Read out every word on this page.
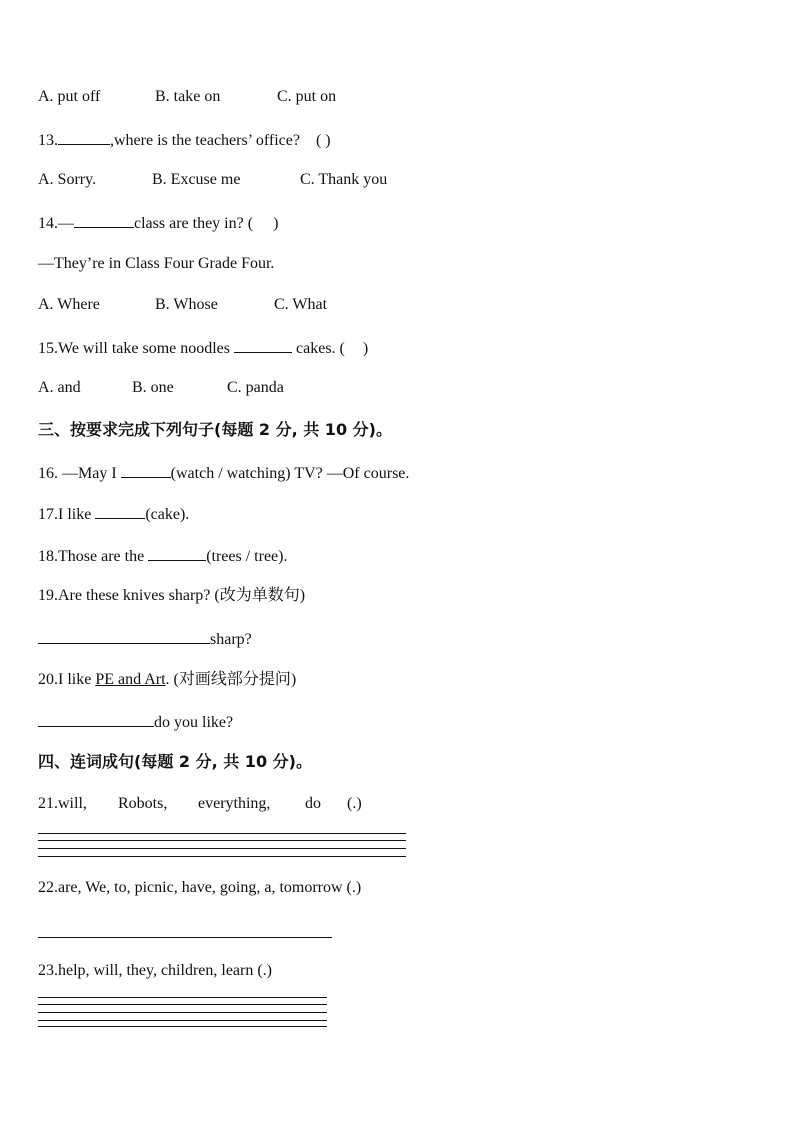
A. put off	B. take on	C. put on
13.	,where is the teachers’ office? ( )
A. Sorry.	B. Excuse me	C. Thank you
14.—	class are they in? ( )
—They’re in Class Four Grade Four.
A. Where	B. Whose	C. What
15.We will take some noodles	cakes. ( )
A. and	B. one	C. panda
三、按要求完成下列句子(每题 2 分, 共 10 分)。
16. —May I	(watch / watching) TV? —Of course.
17.I like	(cake).
18.Those are the	(trees / tree).
19.Are these knives sharp? (改为单数句)
sharp?
20.I like PE and Art. (对画线部分提问)
do you like?
四、连词成句(每题 2 分, 共 10 分)。
21.will, Robots, everything, do (.)
22.are, We, to, picnic, have, going, a, tomorrow (.)
23.help, will, they, children, learn (.)
